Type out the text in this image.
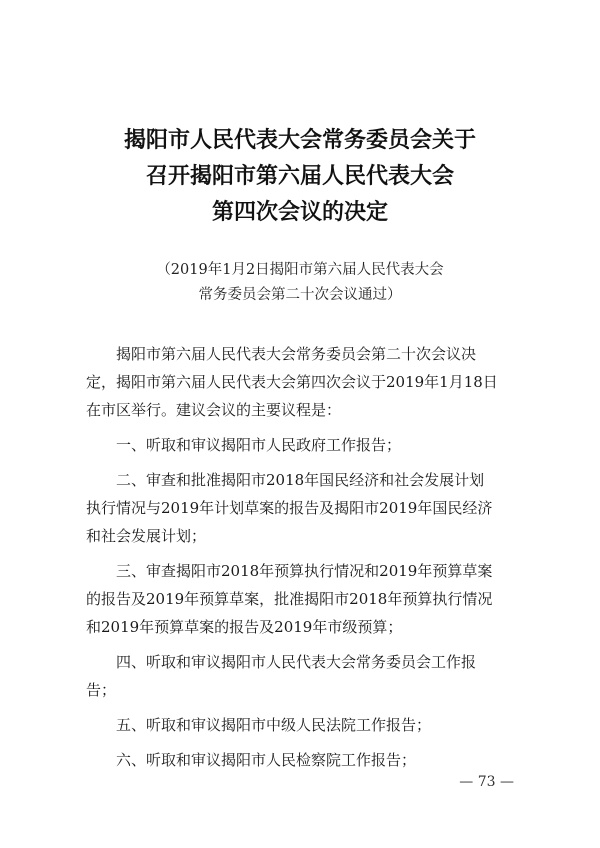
揭阳市人民代表大会常务委员会关于
召开揭阳市第六届人民代表大会
第四次会议的决定
（2019年1月2日揭阳市第六届人民代表大会
常务委员会第二十次会议通过）
揭阳市第六届人民代表大会常务委员会第二十次会议决
定，揭阳市第六届人民代表大会第四次会议于2019年1月18日
在市区举行。建议会议的主要议程是：
一、听取和审议揭阳市人民政府工作报告；
二、审查和批准揭阳市2018年国民经济和社会发展计划
执行情况与2019年计划草案的报告及揭阳市2019年国民经济
和社会发展计划；
三、审查揭阳市2018年预算执行情况和2019年预算草案
的报告及2019年预算草案，批准揭阳市2018年预算执行情况
和2019年预算草案的报告及2019年市级预算；
四、听取和审议揭阳市人民代表大会常务委员会工作报
告；
五、听取和审议揭阳市中级人民法院工作报告；
六、听取和审议揭阳市人民检察院工作报告；
— 73 —
